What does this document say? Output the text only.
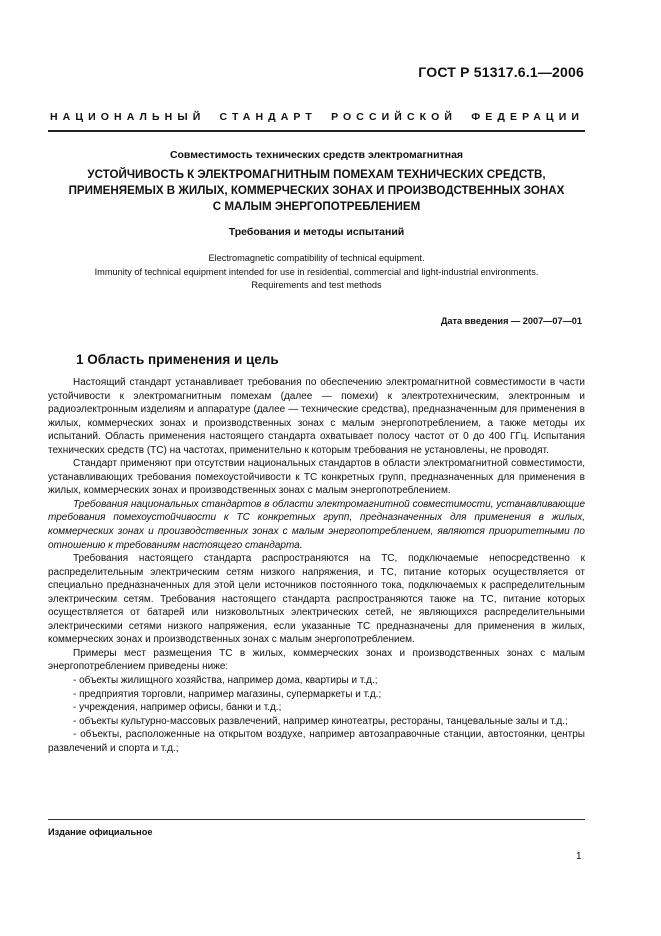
ГОСТ Р 51317.6.1—2006
НАЦИОНАЛЬНЫЙ СТАНДАРТ РОССИЙСКОЙ ФЕДЕРАЦИИ
Совместимость технических средств электромагнитная
УСТОЙЧИВОСТЬ К ЭЛЕКТРОМАГНИТНЫМ ПОМЕХАМ ТЕХНИЧЕСКИХ СРЕДСТВ,
ПРИМЕНЯЕМЫХ В ЖИЛЫХ, КОММЕРЧЕСКИХ ЗОНАХ И ПРОИЗВОДСТВЕННЫХ ЗОНАХ
С МАЛЫМ ЭНЕРГОПОТРЕБЛЕНИЕМ
Требования и методы испытаний
Electromagnetic compatibility of technical equipment.
Immunity of technical equipment intended for use in residential, commercial and light-industrial environments.
Requirements and test methods
Дата введения — 2007—07—01
1 Область применения и цель

Настоящий стандарт устанавливает требования по обеспечению электромагнитной совместимости в части устойчивости к электромагнитным помехам (далее — помехи) к электротехническим, электронным и радиоэлектронным изделиям и аппаратуре (далее — технические средства), предназначенным для применения в жилых, коммерческих зонах и производственных зонах с малым энергопотреблением, а также методы их испытаний. Область применения настоящего стандарта охватывает полосу частот от 0 до 400 ГГц. Испытания технических средств (ТС) на частотах, применительно к которым требования не установлены, не проводят.

Стандарт применяют при отсутствии национальных стандартов в области электромагнитной совместимости, устанавливающих требования помехоустойчивости к ТС конкретных групп, предназначенных для применения в жилых, коммерческих зонах и производственных зонах с малым энергопотреблением.

Требования национальных стандартов в области электромагнитной совместимости, устанавливающие требования помехоустойчивости к ТС конкретных групп, предназначенных для применения в жилых, коммерческих зонах и производственных зонах с малым энергопотреблением, являются приоритетными по отношению к требованиям настоящего стандарта.

Требования настоящего стандарта распространяются на ТС, подключаемые непосредственно к распределительным электрическим сетям низкого напряжения, и ТС, питание которых осуществляется от специально предназначенных для этой цели источников постоянного тока, подключаемых к распределительным электрическим сетям. Требования настоящего стандарта распространяются также на ТС, питание которых осуществляется от батарей или низковольтных электрических сетей, не являющихся распределительными электрическими сетями низкого напряжения, если указанные ТС предназначены для применения в жилых, коммерческих зонах и производственных зонах с малым энергопотреблением.

Примеры мест размещения ТС в жилых, коммерческих зонах и производственных зонах с малым энергопотреблением приведены ниже:

- объекты жилищного хозяйства, например дома, квартиры и т.д.;
- предприятия торговли, например магазины, супермаркеты и т.д.;
- учреждения, например офисы, банки и т.д.;
- объекты культурно-массовых развлечений, например кинотеатры, рестораны, танцевальные залы и т.д.;
- объекты, расположенные на открытом воздухе, например автозаправочные станции, автостоянки, центры развлечений и спорта и т.д.;
Издание официальное
1
